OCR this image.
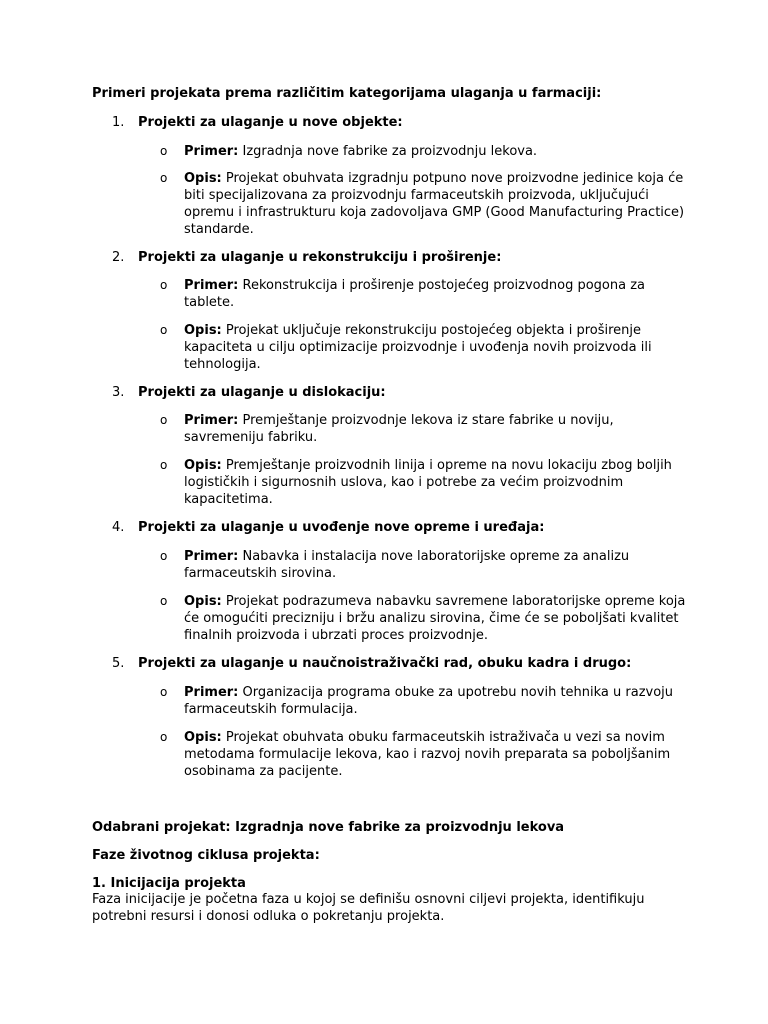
Primeri projekata prema različitim kategorijama ulaganja u farmaciji:
1. Projekti za ulaganje u nove objekte:
o Primer: Izgradnja nove fabrike za proizvodnju lekova.
o Opis: Projekat obuhvata izgradnju potpuno nove proizvodne jedinice koja će biti specijalizovana za proizvodnju farmaceutskih proizvoda, uključujući opremu i infrastrukturu koja zadovoljava GMP (Good Manufacturing Practice) standarde.
2. Projekti za ulaganje u rekonstrukciju i proširenje:
o Primer: Rekonstrukcija i proširenje postojećeg proizvodnog pogona za tablete.
o Opis: Projekat uključuje rekonstrukciju postojećeg objekta i proširenje kapaciteta u cilju optimizacije proizvodnje i uvođenja novih proizvoda ili tehnologija.
3. Projekti za ulaganje u dislokaciju:
o Primer: Premještanje proizvodnje lekova iz stare fabrike u noviju, savremeniju fabriku.
o Opis: Premještanje proizvodnih linija i opreme na novu lokaciju zbog boljih logističkih i sigurnosnih uslova, kao i potrebe za većim proizvodnim kapacitetima.
4. Projekti za ulaganje u uvođenje nove opreme i uređaja:
o Primer: Nabavka i instalacija nove laboratorijske opreme za analizu farmaceutskih sirovina.
o Opis: Projekat podrazumeva nabavku savremene laboratorijske opreme koja će omogućiti precizniju i bržu analizu sirovina, čime će se poboljšati kvalitet finalnih proizvoda i ubrzati proces proizvodnje.
5. Projekti za ulaganje u naučnoistraživački rad, obuku kadra i drugo:
o Primer: Organizacija programa obuke za upotrebu novih tehnika u razvoju farmaceutskih formulacija.
o Opis: Projekat obuhvata obuku farmaceutskih istraživača u vezi sa novim metodama formulacije lekova, kao i razvoj novih preparata sa poboljšanim osobinama za pacijente.
Odabrani projekat: Izgradnja nove fabrike za proizvodnju lekova
Faze životnog ciklusa projekta:
1. Inicijacija projekta
Faza inicijacije je početna faza u kojoj se definišu osnovni ciljevi projekta, identifikuju potrebni resursi i donosi odluka o pokretanju projekta.
